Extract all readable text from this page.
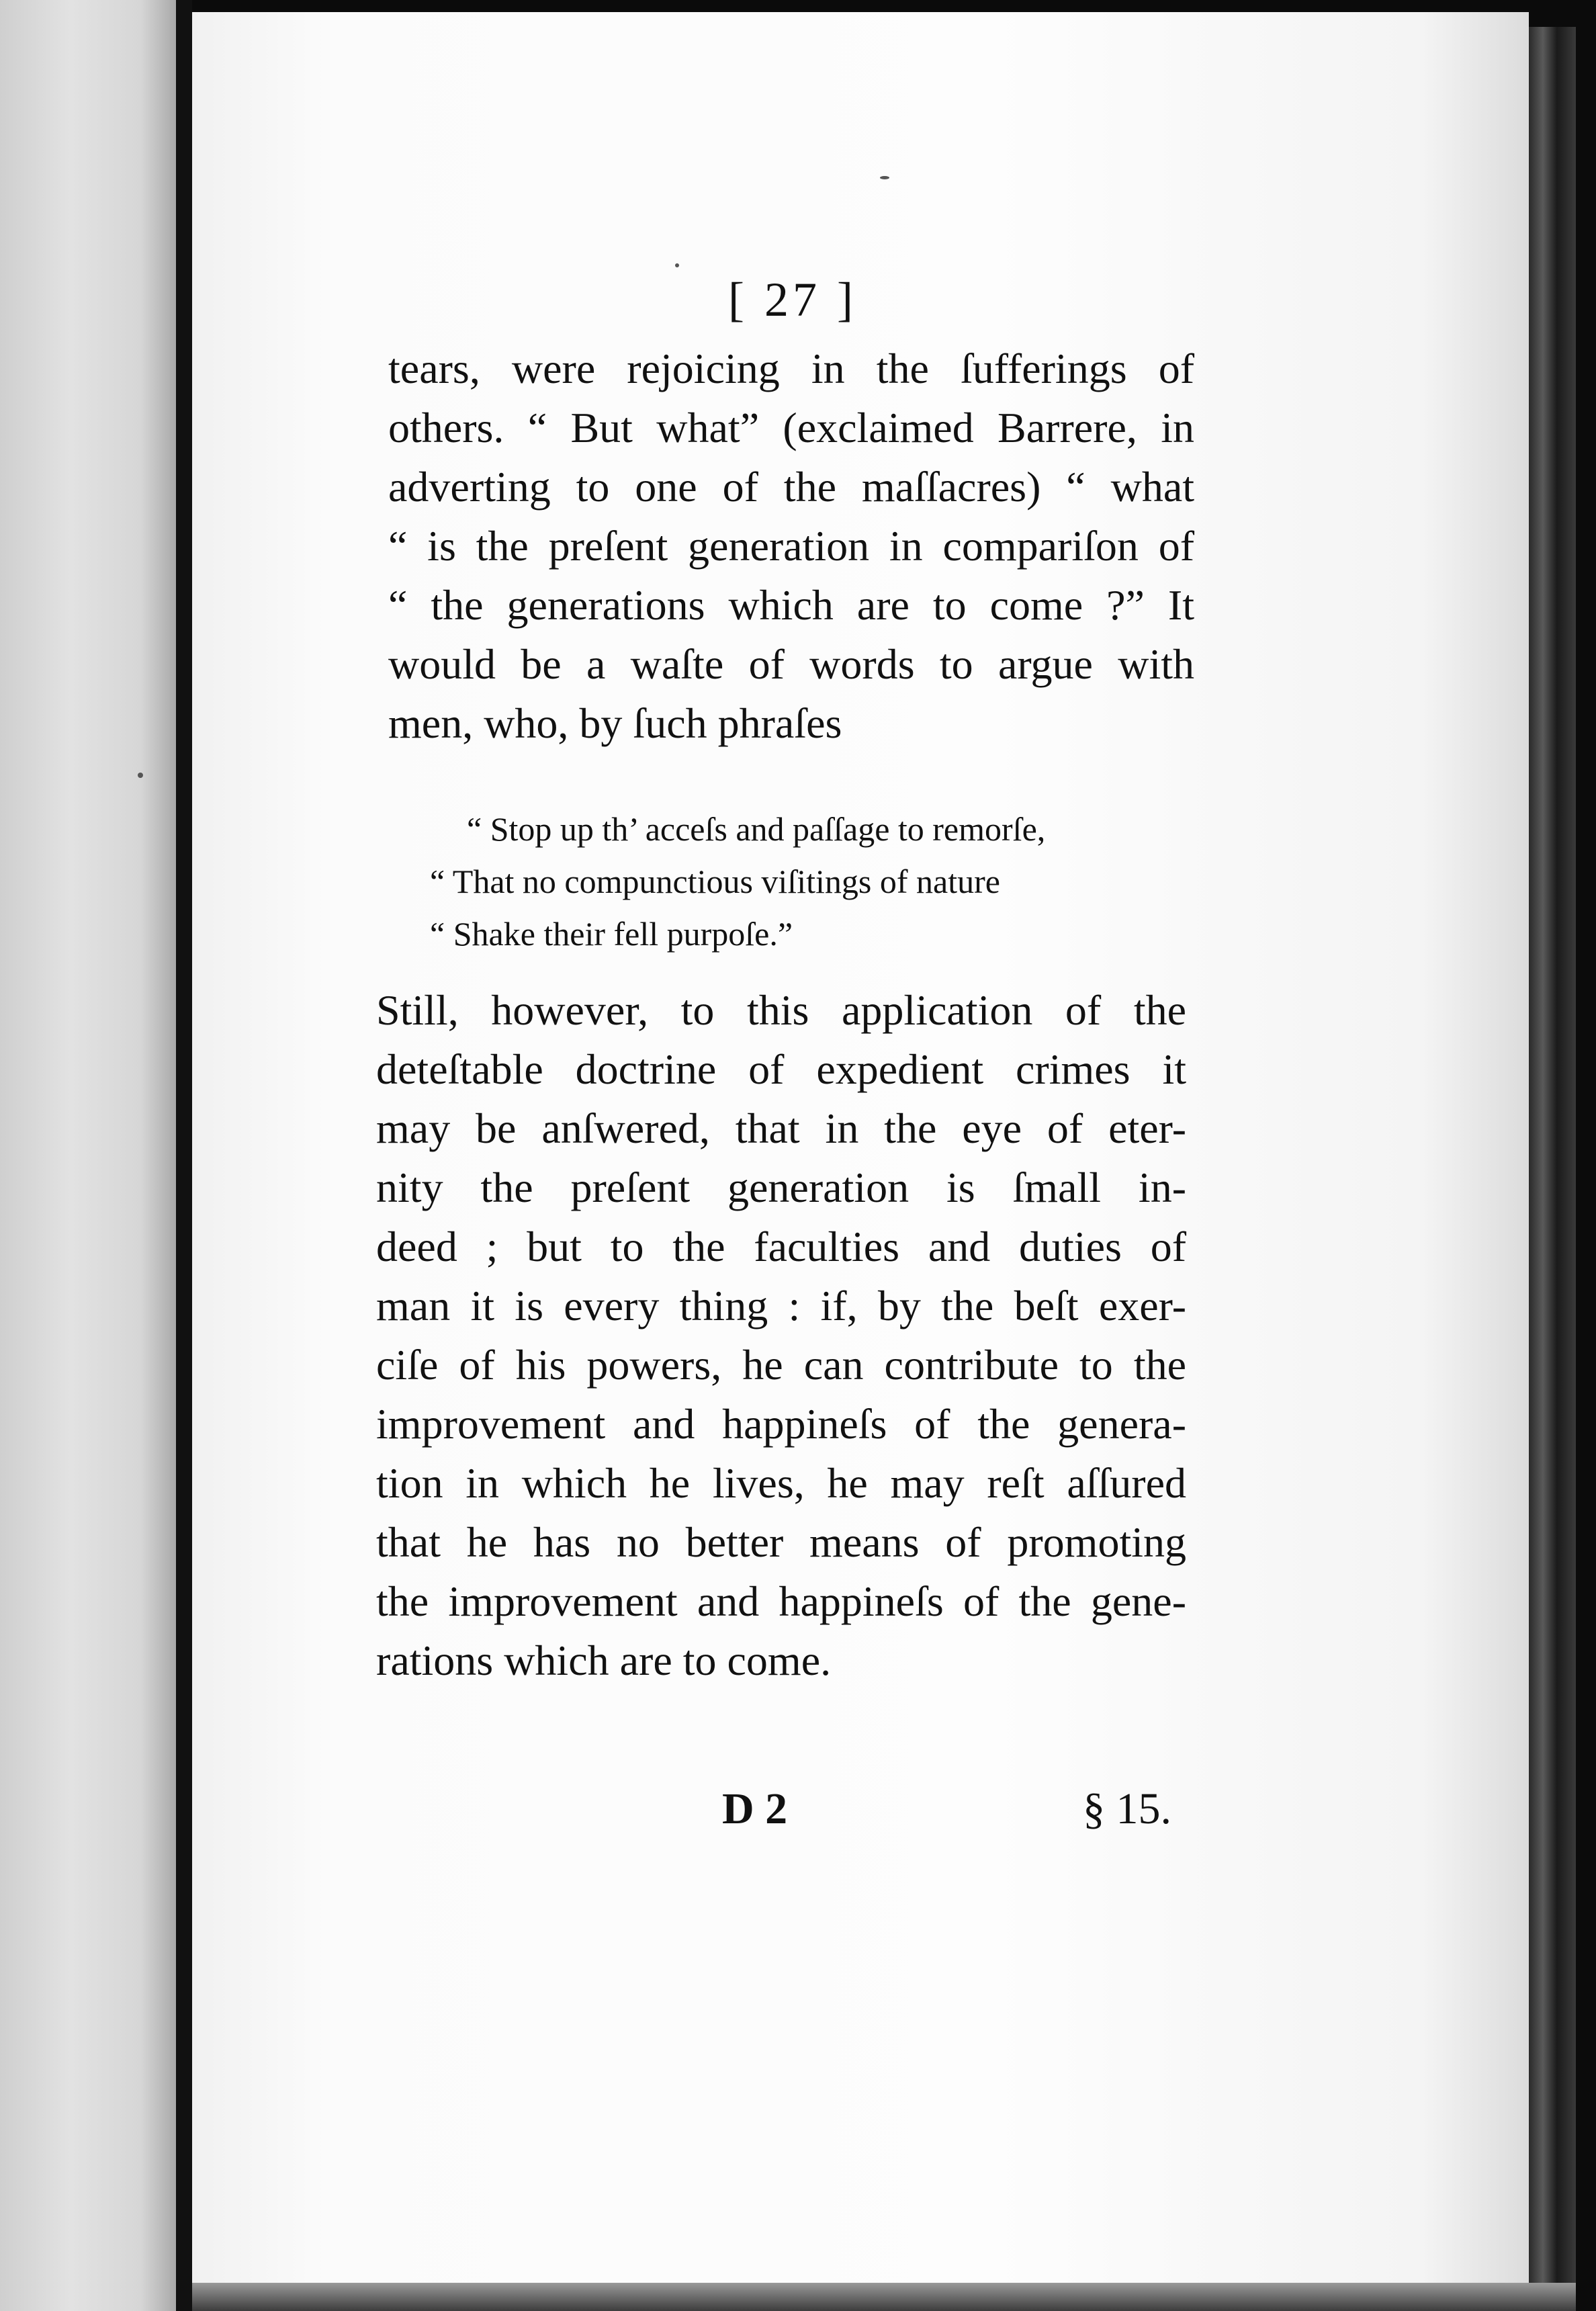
[ 27 ]
tears, were rejoicing in the ſufferings of
others. “ But what” (exclaimed Barrere, in
adverting to one of the maſſacres) “ what
“ is the preſent generation in compariſon of
“ the generations which are to come ?” It
would be a waſte of words to argue with
men, who, by ſuch phraſes
“ Stop up th’ acceſs and paſſage to remorſe,
“ That no compunctious viſitings of nature
“ Shake their fell purpoſe.”
Still, however, to this application of the
deteſtable doctrine of expedient crimes it
may be anſwered, that in the eye of eter-
nity the preſent generation is ſmall in-
deed ; but to the faculties and duties of
man it is every thing : if, by the beſt exer-
ciſe of his powers, he can contribute to the
improvement and happineſs of the genera-
tion in which he lives, he may reſt aſſured
that he has no better means of promoting
the improvement and happineſs of the gene-
rations which are to come.
D 2	§ 15.
